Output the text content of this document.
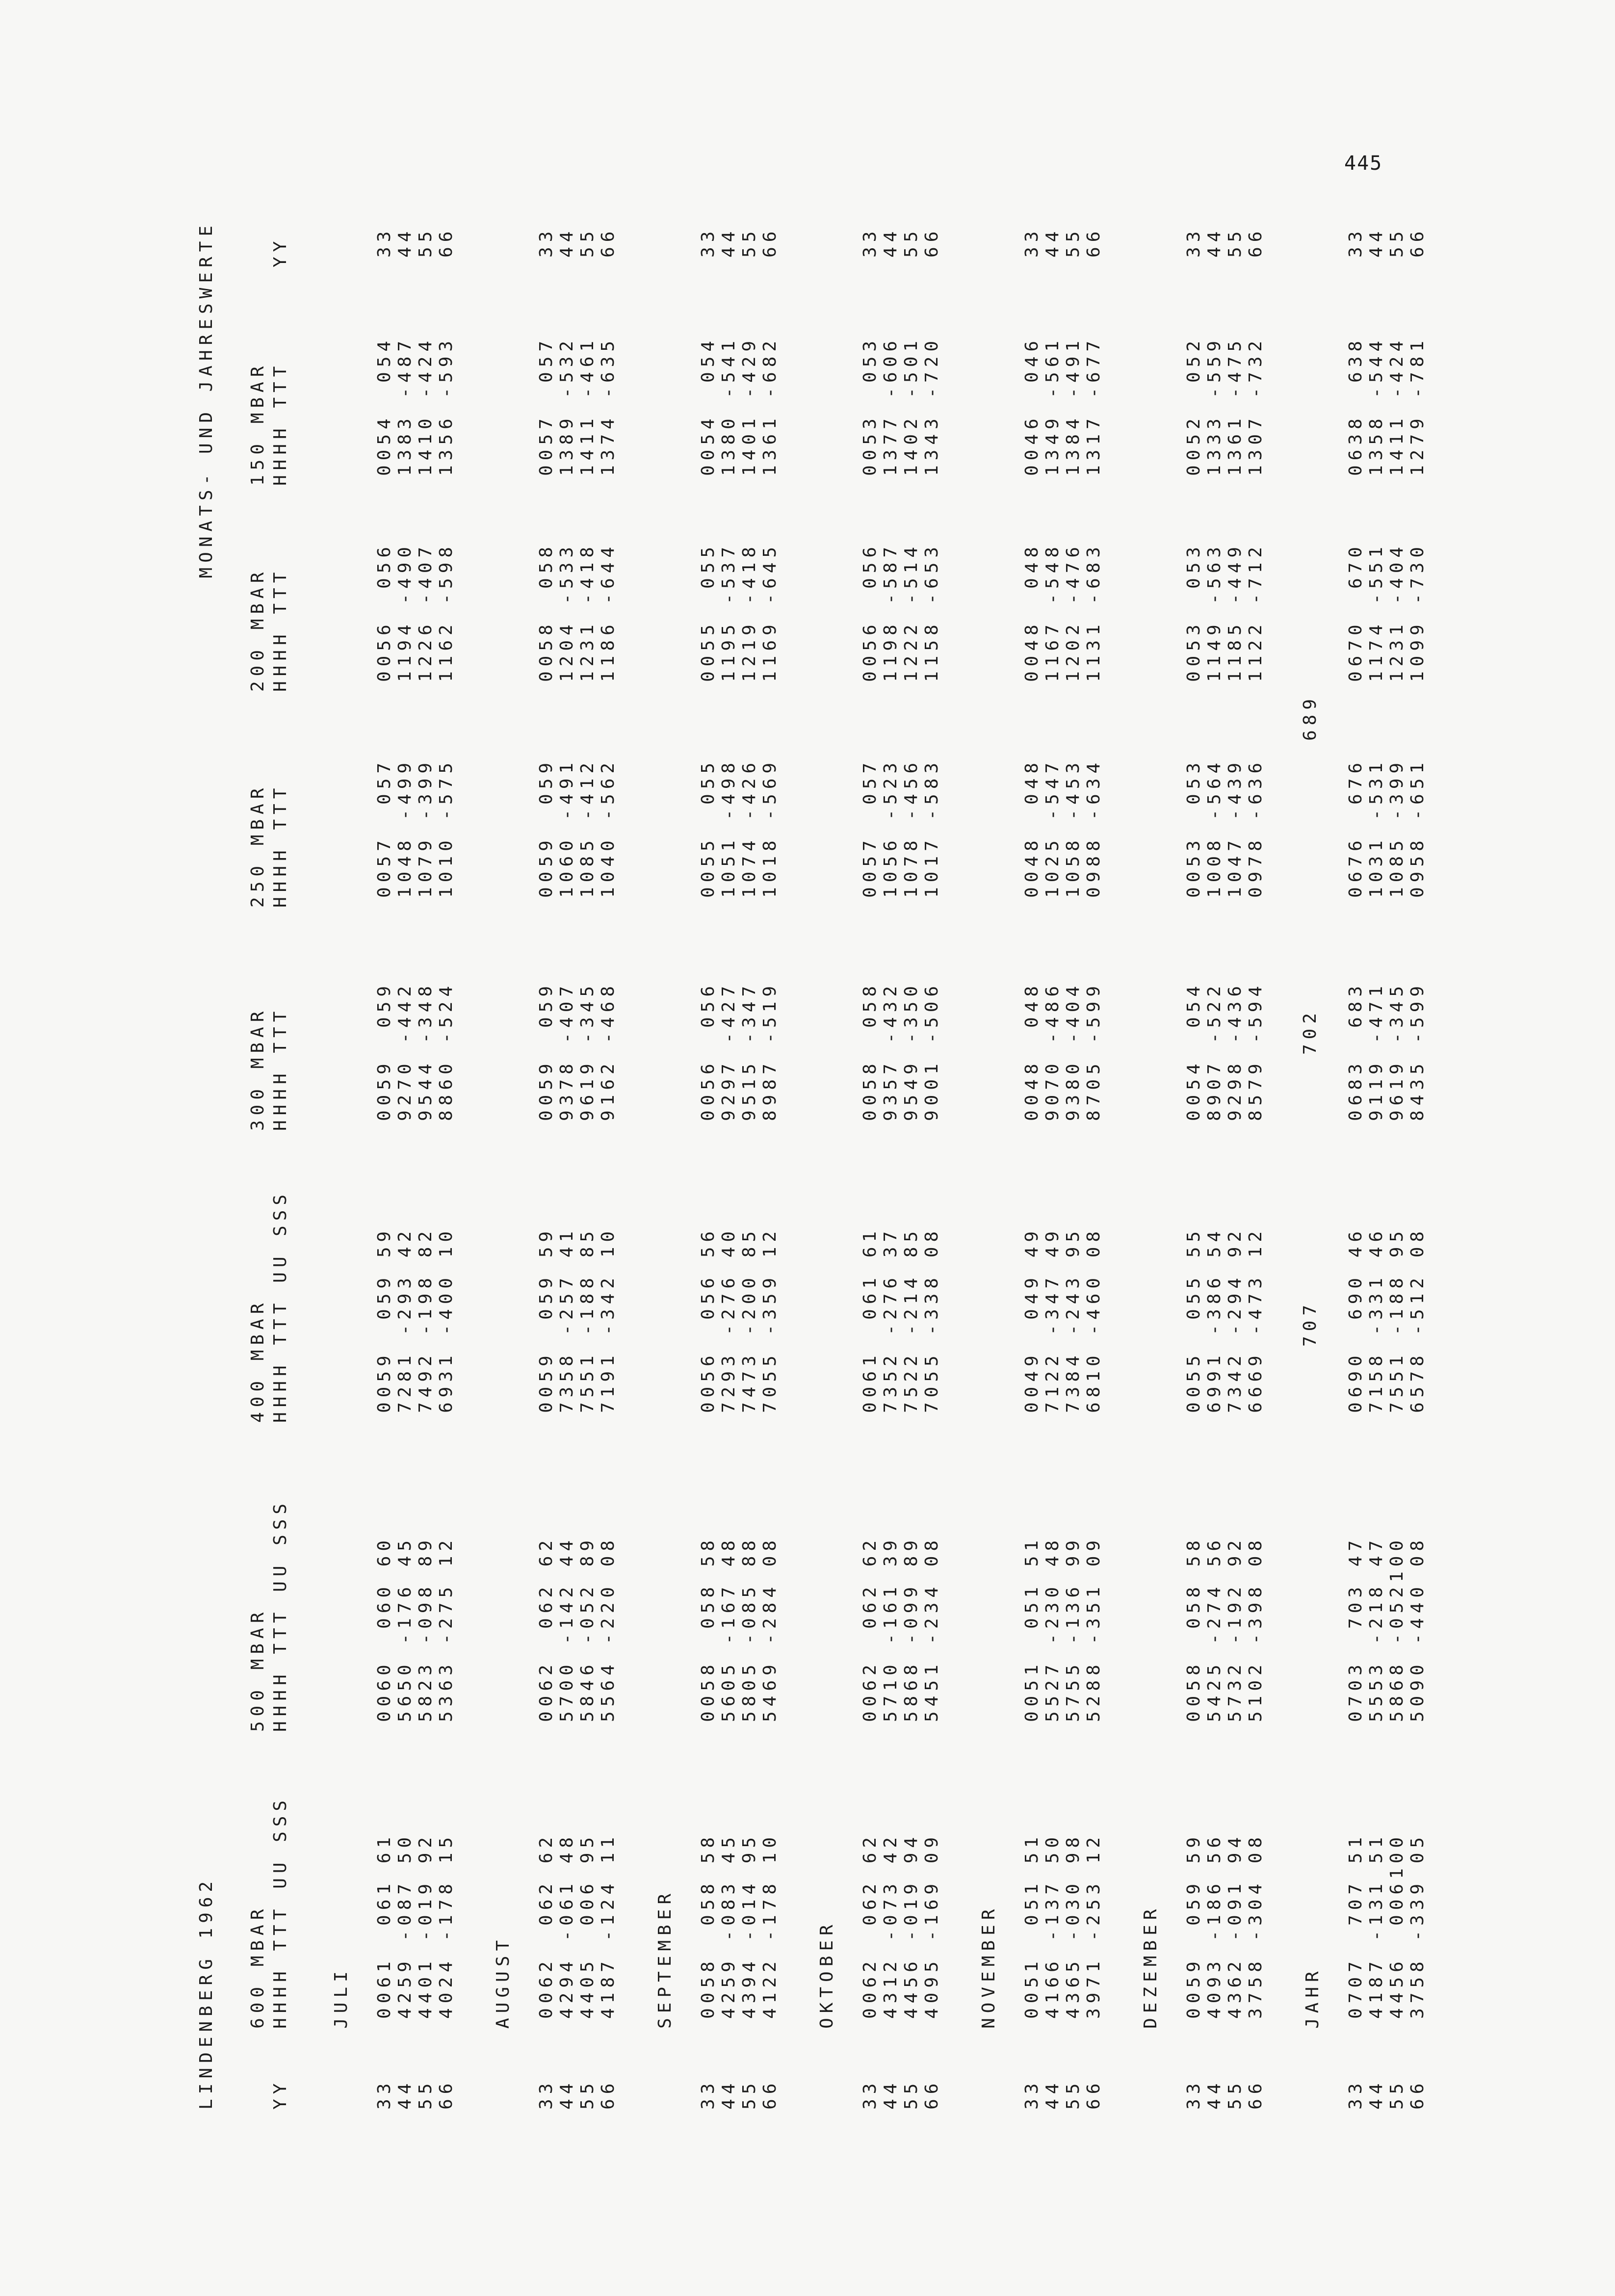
445
LINDENBERG 1962
MONATS- UND JAHRESWERTE
600 MBAR HHHH TTT UU SSS
500 MBAR HHHH TTT UU SSS
400 MBAR HHHH TTT UU SSS
300 MBAR HHHH TTT
250 MBAR HHHH TTT
200 MBAR HHHH TTT
150 MBAR HHHH TTT
YY
YY
JULI
33
0061  061 61
0060  060 60
0059  059 59
0059  059
0057  057
0056  056
0054  054
33
44
4259 -087 50
5650 -176 45
7281 -293 42
9270 -442
1048 -499
1194 -490
1383 -487
44
55
4401 -019 92
5823 -098 89
7492 -198 82
9544 -348
1079 -399
1226 -407
1410 -424
55
66
4024 -178 15
5363 -275 12
6931 -400 10
8860 -524
1010 -575
1162 -598
1356 -593
66
AUGUST
33
0062  062 62
0062  062 62
0059  059 59
0059  059
0059  059
0058  058
0057  057
33
44
4294 -061 48
5700 -142 44
7358 -257 41
9378 -407
1060 -491
1204 -533
1389 -532
44
55
4405  006 95
5846 -052 89
7551 -188 85
9619 -345
1085 -412
1231 -418
1411 -461
55
66
4187 -124 11
5564 -220 08
7191 -342 10
9162 -468
1040 -562
1186 -644
1374 -635
66
SEPTEMBER
33
0058  058 58
0058  058 58
0056  056 56
0056  056
0055  055
0055  055
0054  054
33
44
4259 -083 45
5605 -167 48
7293 -276 40
9297 -427
1051 -498
1195 -537
1380 -541
44
55
4394 -014 95
5805 -085 88
7473 -200 85
9515 -347
1074 -426
1219 -418
1401 -429
55
66
4122 -178 10
5469 -284 08
7055 -359 12
8987 -519
1018 -569
1169 -645
1361 -682
66
OKTOBER
33
0062  062 62
0062  062 62
0061  061 61
0058  058
0057  057
0056  056
0053  053
33
44
4312 -073 42
5710 -161 39
7352 -276 37
9357 -432
1056 -523
1198 -587
1377 -606
44
55
4456 -019 94
5868 -099 89
7522 -214 85
9549 -350
1078 -456
1222 -514
1402 -501
55
66
4095 -169 09
5451 -234 08
7055 -338 08
9001 -506
1017 -583
1158 -653
1343 -720
66
NOVEMBER
33
0051  051 51
0051  051 51
0049  049 49
0048  048
0048  048
0048  048
0046  046
33
44
4166 -137 50
5527 -230 48
7122 -347 49
9070 -486
1025 -547
1167 -548
1349 -561
44
55
4365 -030 98
5755 -136 99
7384 -243 95
9380 -404
1058 -453
1202 -476
1384 -491
55
66
3971 -253 12
5288 -351 09
6810 -460 08
8705 -599
0988 -634
1131 -683
1317 -677
66
DEZEMBER
33
0059  059 59
0058  058 58
0055  055 55
0054  054
0053  053
0053  053
0052  052
33
44
4093 -186 56
5425 -274 56
6991 -386 54
8907 -522
1008 -564
1149 -563
1333 -559
44
55
4362 -091 94
5732 -192 92
7342 -294 92
9298 -436
1047 -439
1185 -449
1361 -475
55
66
3758 -304 08
5102 -398 08
6669 -473 12
8579 -594
0978 -636
1122 -712
1307 -732
66
JAHR
33
0707  707 51
0703  703 47
0690  690 46
0683  683
0676  676
0670  670
0638  638
33
44
4187 -131 51
5553 -218 47
7158 -331 46
9119 -471
1031 -531
1174 -551
1358 -544
44
55
4456  006100
5868 -052100
7551 -188 95
9619 -345
1085 -399
1231 -404
1411 -424
55
66
3758 -339 05
5090 -440 08
6578 -512 08
8435 -599
0958 -651
1099 -730
1279 -781
66
707
702
689
